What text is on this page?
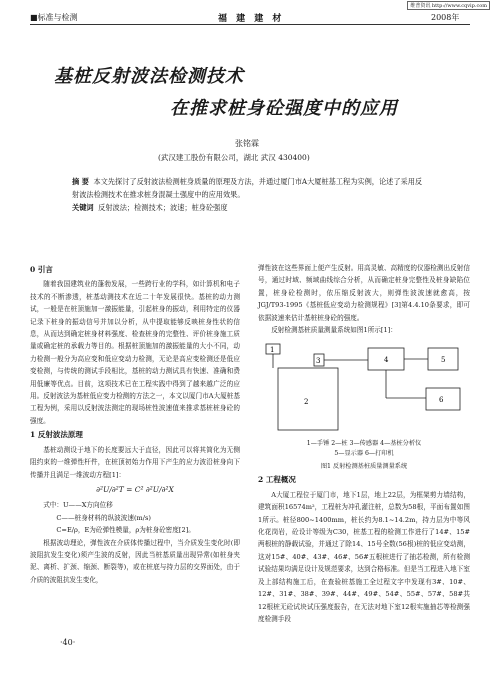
维普资讯 http://www.cqvip.com
■标准与检测	福 建 建 材	2008年
基桩反射波法检测技术
在推求桩身砼强度中的应用
张铭霖
(武汉建工股份有限公司，湖北 武汉 430400)
摘 要 本文先探讨了反射波法检测桩身质量的原理及方法，并通过厦门市A大厦桩基工程为实例，论述了采用反射波法检测技术在推求桩身混凝土强度中的应用效果。
关键词 反射波法；检测技术；波速；桩身砼强度
0 引言

随着我国建筑业的蓬勃发展，一些跨行业的学科，如计算机和电子技术的不断渗透，桩基动测技术在近二十年发展很快。基桩的动力测试，一般是在桩顶施加一激振能量，引起桩身的振动，利用特定的仪器记录下桩身的振动信号并加以分析，从中提取能够反映桩身性状的信息，从而达到确定桩身材料强度、检查桩身的完整性、评价桩身施工质量或确定桩的承载力等目的。根据桩顶施加的激振能量的大小不同，动力检测一般分为高应变和低应变动力检测，无论是高应变检测还是低应变检测，与传统的测试手段相比，基桩的动力测试具有快速、准确和费用低廉等优点。目前，这项技术已在工程实践中得到了越来越广泛的应用。反射波法为基桩低应变力检测的方法之一，本文以厦门市A大厦桩基工程为例，采用以反射波法测定的现场桩性波速值来推求基桩桩身砼的强度。

1 反射波法原理

基桩动测设于地下的长度要远大于直径，因此可以将其简化为无侧阻约束的一维弹性杆件，在桩顶初始力作用下产生的应力波沿桩身向下传播并且满足一维波动方程[1]：

∂²U/∂²T = C² ∂²U/∂²X
式中：U——X方向位移
C——桩身材料的纵波波速(m/s)
C=E/ρ，E为砼弹性模量，ρ为桩身砼密度[2]。

根据波动理论，弹性波在介质体传播过程中，当介质发生变化时(即波阻抗发生变化)须产生波的反射，因此当桩基质量出现异常(如桩身夹泥、离析、扩颈、缩颈、断裂等)，或在桩底与持力层的交界面处，由于介质的波阻抗发生变化，

弹性波在这些界面上便产生反射。用高灵敏、高精度的仪器检测出反射信号，通过时域、频域曲线综合分析，从而确定桩身完整性及桩身缺陷位置，桩身砼检测时，依压缩反射波大，则弹性波波速就愈高，按JGJ/T93-1995《基桩低应变动力检测规程》[3]第4.4.10条要求，即可依据波速来估计基桩桩身砼的强度。

反射检测基桩质量测量系统如图1所示[1]：

1
2
3	4	5
6
1—手锤 2—桩 3—传感器 4—基桩分析仪
5—显示器 6—打印机
图1 反射检测基桩质量测量系统
2 工程概况

A大厦工程位于厦门市，地下1层，地上22层，为框架剪力墙结构，建筑面积16574m²，工程桩为冲孔灌注桩，总数为58根，平面布置如图1所示。桩径800~1400mm，桩长约为8.1~14.2m，持力层为中等风化花岗岩，砼设计等级为C30，桩基工程的检测工作进行了14#、15#两根桩的静载试验，并通过了除14、15号全数(56根)桩的低应变动测，这对15#、40#、43#、46#、56#五根桩进行了抽芯检测，所有检测试验结果均满足设计及规范要求，达到合格标准。但是当工程进入地下室及上部结构施工后，在查验桩基施工全过程文字中发现有3#、10#、12#、31#、38#、39#、44#、49#、54#、55#、57#、58#共12根桩无砼试块试压强度报告，在无法对地下室12根实施抽芯等检测强度检测手段

·40·
